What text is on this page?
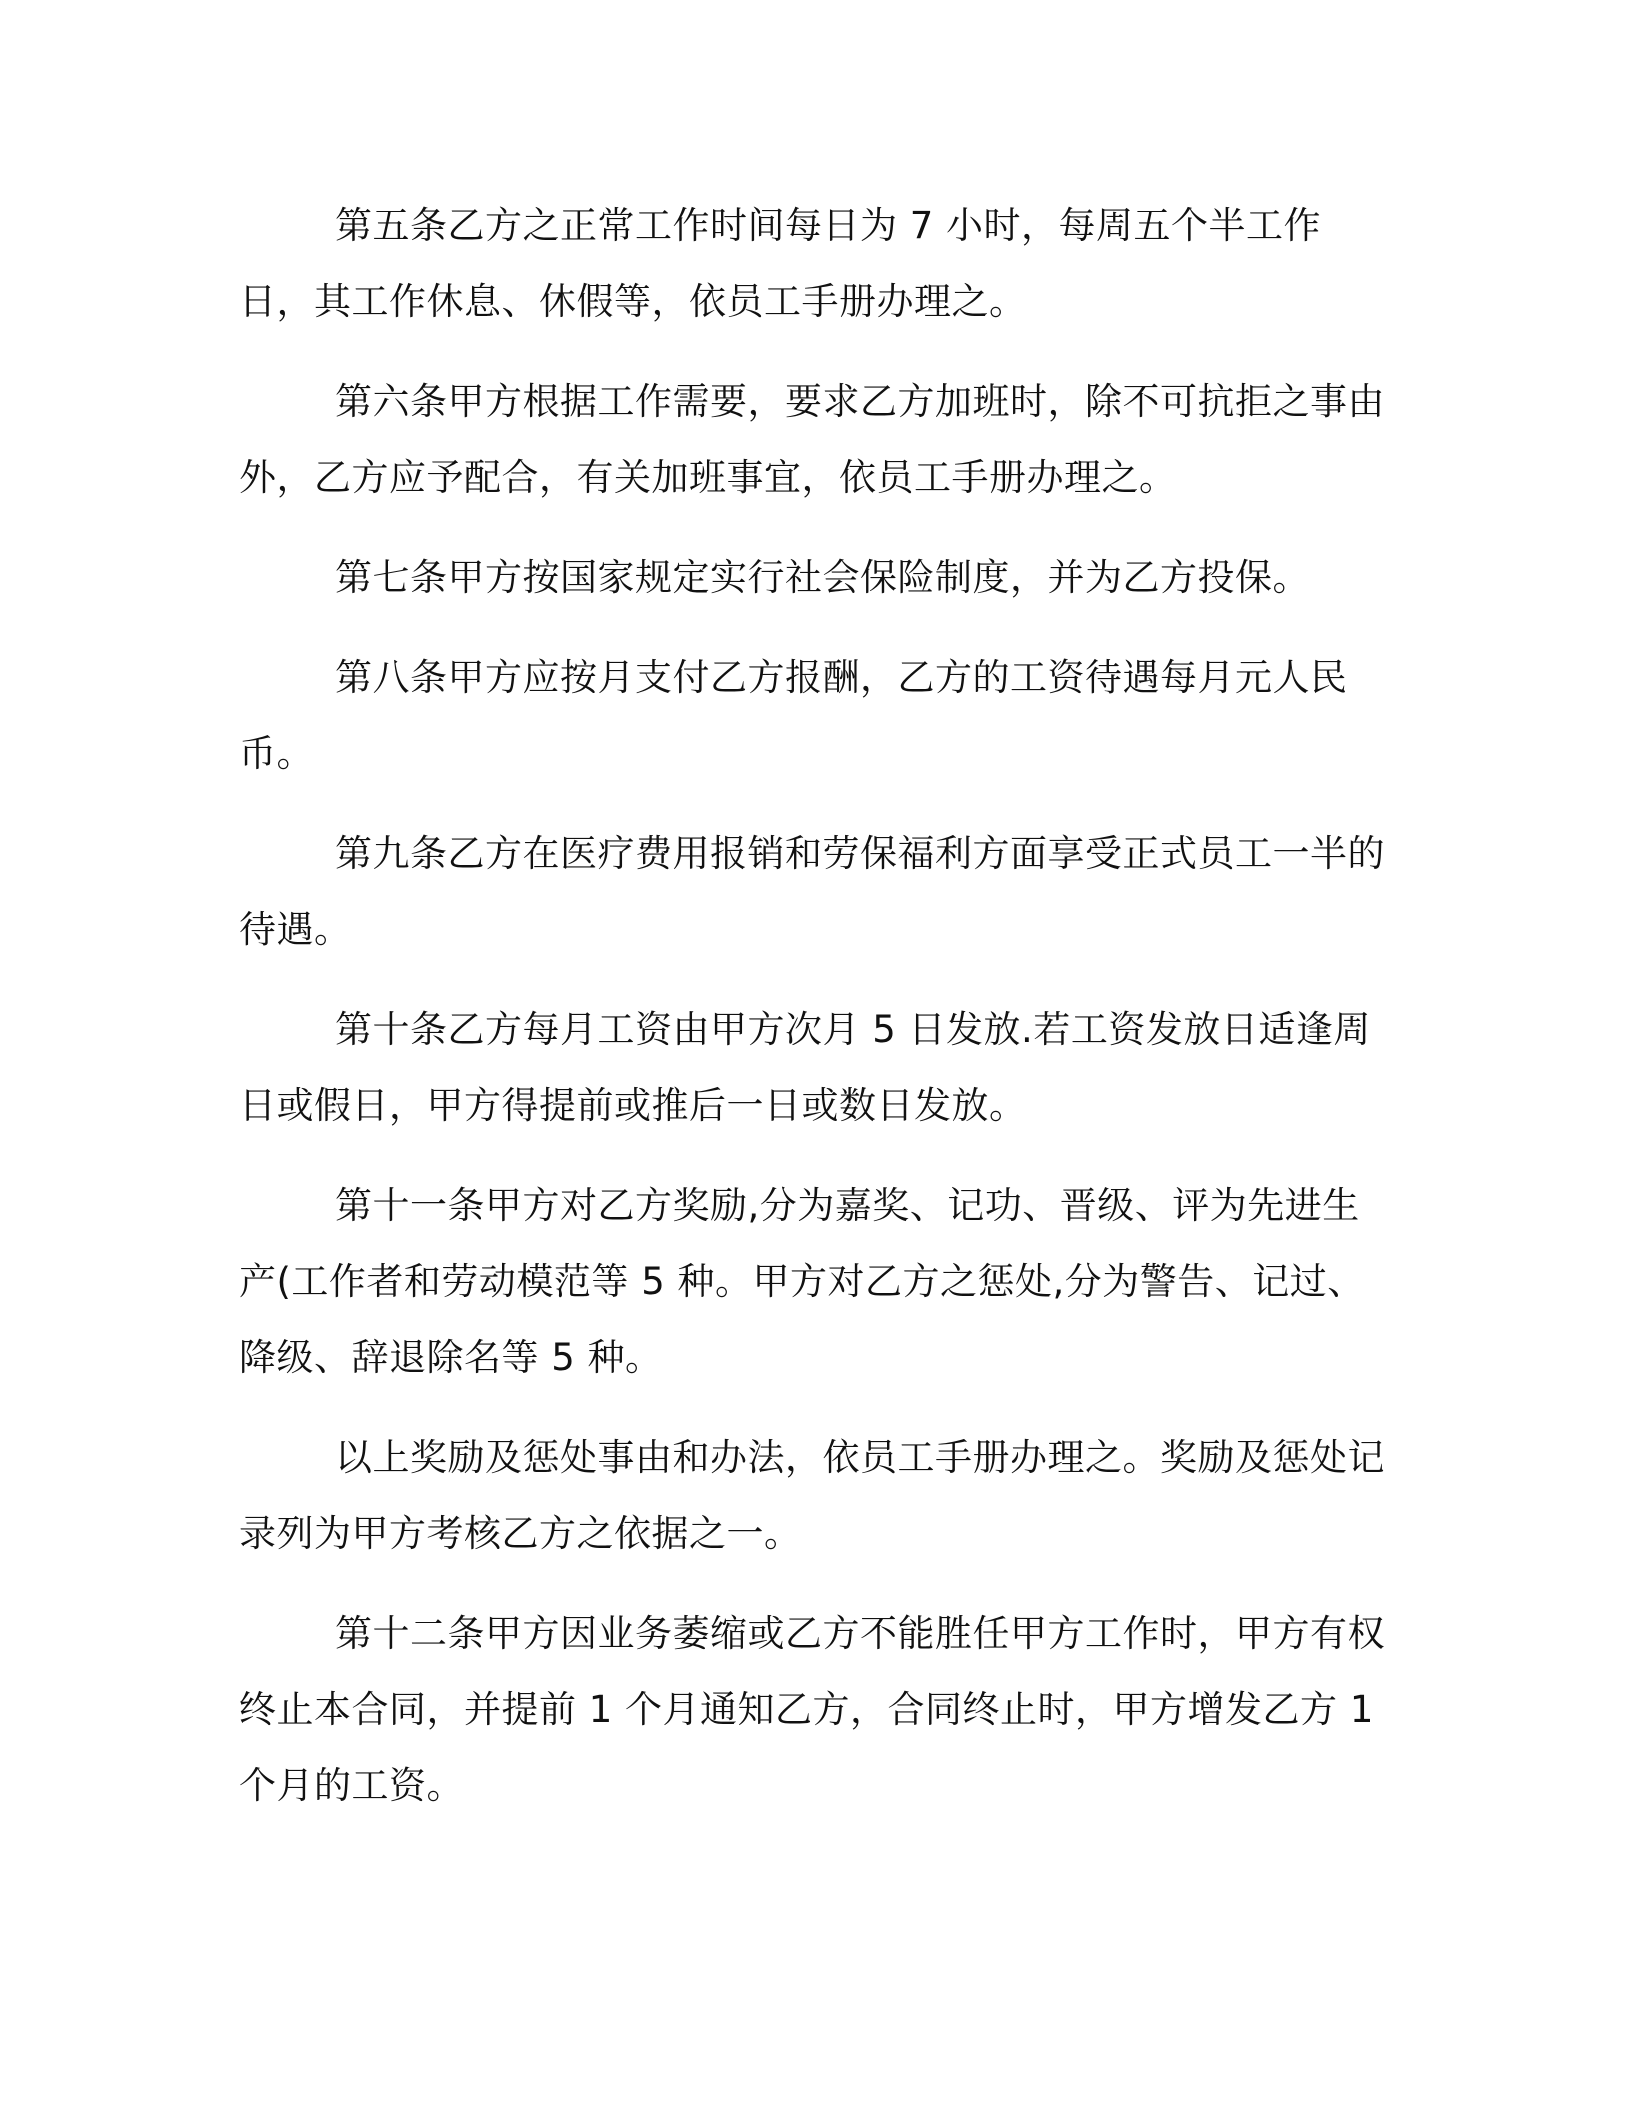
第五条乙方之正常工作时间每日为 7 小时，每周五个半工作日，其工作休息、休假等，依员工手册办理之。

第六条甲方根据工作需要，要求乙方加班时，除不可抗拒之事由外，乙方应予配合，有关加班事宜，依员工手册办理之。

第七条甲方按国家规定实行社会保险制度，并为乙方投保。

第八条甲方应按月支付乙方报酬，乙方的工资待遇每月元人民币。

第九条乙方在医疗费用报销和劳保福利方面享受正式员工一半的待遇。

第十条乙方每月工资由甲方次月 5 日发放.若工资发放日适逢周日或假日，甲方得提前或推后一日或数日发放。

第十一条甲方对乙方奖励,分为嘉奖、记功、晋级、评为先进生产(工作者和劳动模范等 5 种。甲方对乙方之惩处,分为警告、记过、降级、辞退除名等 5 种。

以上奖励及惩处事由和办法，依员工手册办理之。奖励及惩处记录列为甲方考核乙方之依据之一。

第十二条甲方因业务萎缩或乙方不能胜任甲方工作时，甲方有权终止本合同，并提前 1 个月通知乙方，合同终止时，甲方增发乙方 1 个月的工资。
